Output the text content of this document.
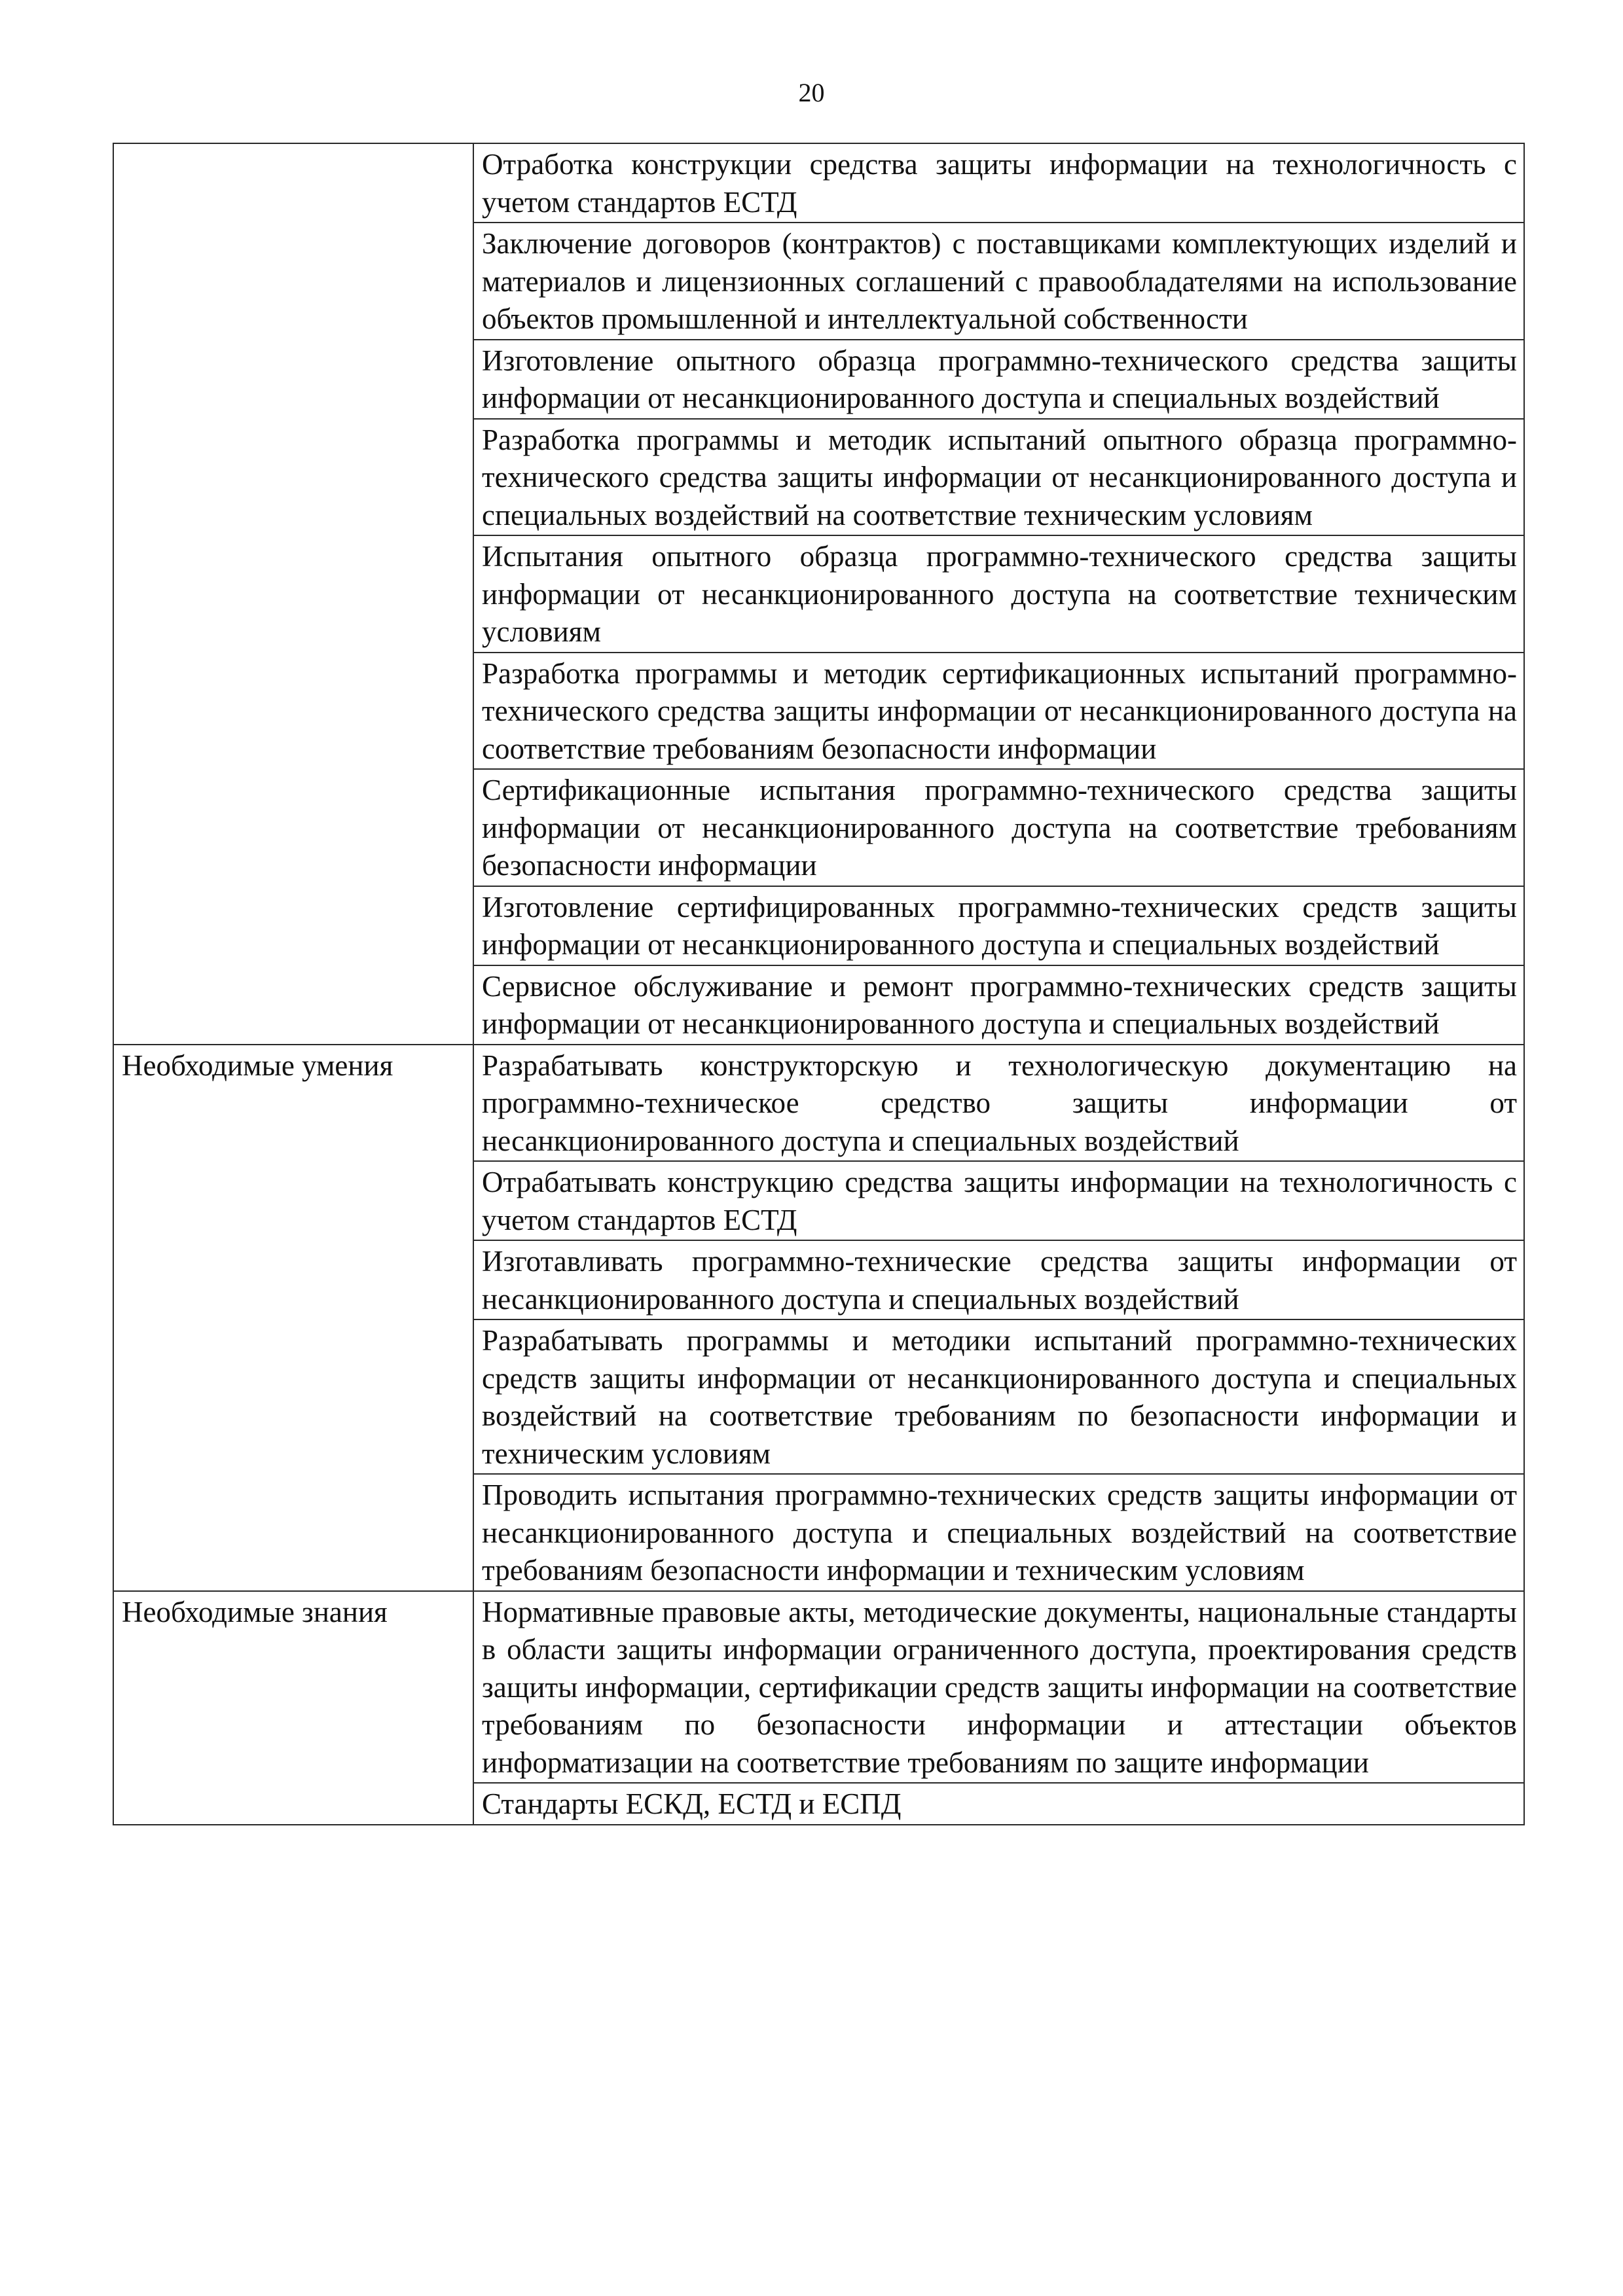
20
	Отработка конструкции средства защиты информации на технологичность с учетом стандартов ЕСТД
	Заключение договоров (контрактов) с поставщиками комплектующих изделий и материалов и лицензионных соглашений с правообладателями на использование объектов промышленной и интеллектуальной собственности
	Изготовление опытного образца программно-технического средства защиты информации от несанкционированного доступа и специальных воздействий
	Разработка программы и методик испытаний опытного образца программно-технического средства защиты информации от несанкционированного доступа и специальных воздействий на соответствие техническим условиям
	Испытания опытного образца программно-технического средства защиты информации от несанкционированного доступа на соответствие техническим условиям
	Разработка программы и методик сертификационных испытаний программно-технического средства защиты информации от несанкционированного доступа на соответствие требованиям безопасности информации
	Сертификационные испытания программно-технического средства защиты информации от несанкционированного доступа на соответствие требованиям безопасности информации
	Изготовление сертифицированных программно-технических средств защиты информации от несанкционированного доступа и специальных воздействий
	Сервисное обслуживание и ремонт программно-технических средств защиты информации от несанкционированного доступа и специальных воздействий
Необходимые умения	Разрабатывать конструкторскую и технологическую документацию на программно-техническое средство защиты информации от несанкционированного доступа и специальных воздействий
	Отрабатывать конструкцию средства защиты информации на технологичность с учетом стандартов ЕСТД
	Изготавливать программно-технические средства защиты информации от несанкционированного доступа и специальных воздействий
	Разрабатывать программы и методики испытаний программно-технических средств защиты информации от несанкционированного доступа и специальных воздействий на соответствие требованиям по безопасности информации и техническим условиям
	Проводить испытания программно-технических средств защиты информации от несанкционированного доступа и специальных воздействий на соответствие требованиям безопасности информации и техническим условиям
Необходимые знания	Нормативные правовые акты, методические документы, национальные стандарты в области защиты информации ограниченного доступа, проектирования средств защиты информации, сертификации средств защиты информации на соответствие требованиям по безопасности информации и аттестации объектов информатизации на соответствие требованиям по защите информации
	Стандарты ЕСКД, ЕСТД и ЕСПД
